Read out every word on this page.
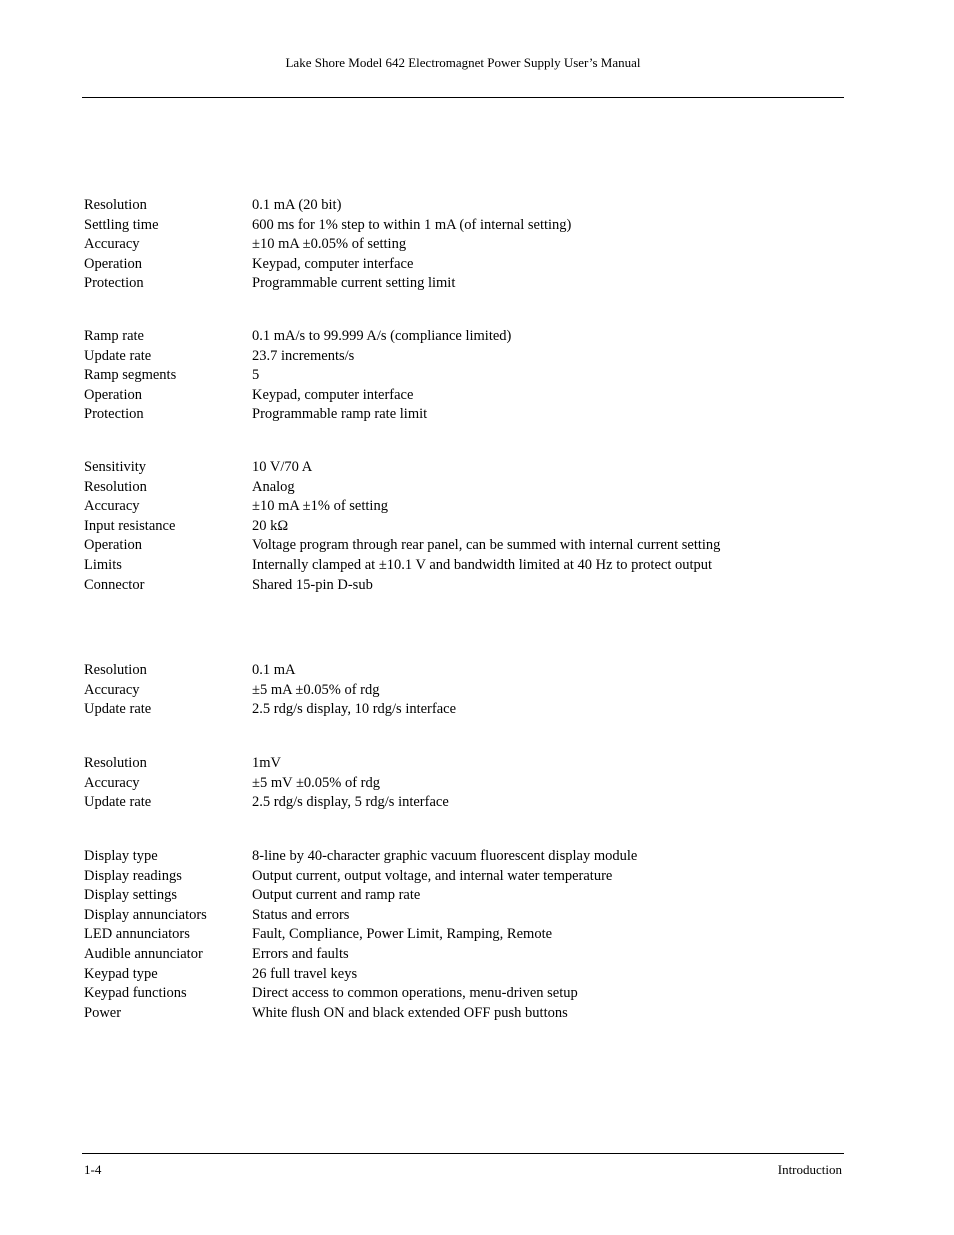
Lake Shore Model 642 Electromagnet Power Supply User’s Manual
Resolution	0.1 mA (20 bit)
Settling time	600 ms for 1% step to within 1 mA (of internal setting)
Accuracy	±10 mA ±0.05% of setting
Operation	Keypad, computer interface
Protection	Programmable current setting limit
Ramp rate	0.1 mA/s to 99.999 A/s (compliance limited)
Update rate	23.7 increments/s
Ramp segments	5
Operation	Keypad, computer interface
Protection	Programmable ramp rate limit
Sensitivity	10 V/70 A
Resolution	Analog
Accuracy	±10 mA ±1% of setting
Input resistance	20 kΩ
Operation	Voltage program through rear panel, can be summed with internal current setting
Limits	Internally clamped at ±10.1 V and bandwidth limited at 40 Hz to protect output
Connector	Shared 15-pin D-sub
Resolution	0.1 mA
Accuracy	±5 mA ±0.05% of rdg
Update rate	2.5 rdg/s display, 10 rdg/s interface
Resolution	1mV
Accuracy	±5 mV ±0.05% of rdg
Update rate	2.5 rdg/s display, 5 rdg/s interface
Display type	8-line by 40-character graphic vacuum fluorescent display module
Display readings	Output current, output voltage, and internal water temperature
Display settings	Output current and ramp rate
Display annunciators	Status and errors
LED annunciators	Fault, Compliance, Power Limit, Ramping, Remote
Audible annunciator	Errors and faults
Keypad type	26 full travel keys
Keypad functions	Direct access to common operations, menu-driven setup
Power	White flush ON and black extended OFF push buttons
1-4	Introduction
